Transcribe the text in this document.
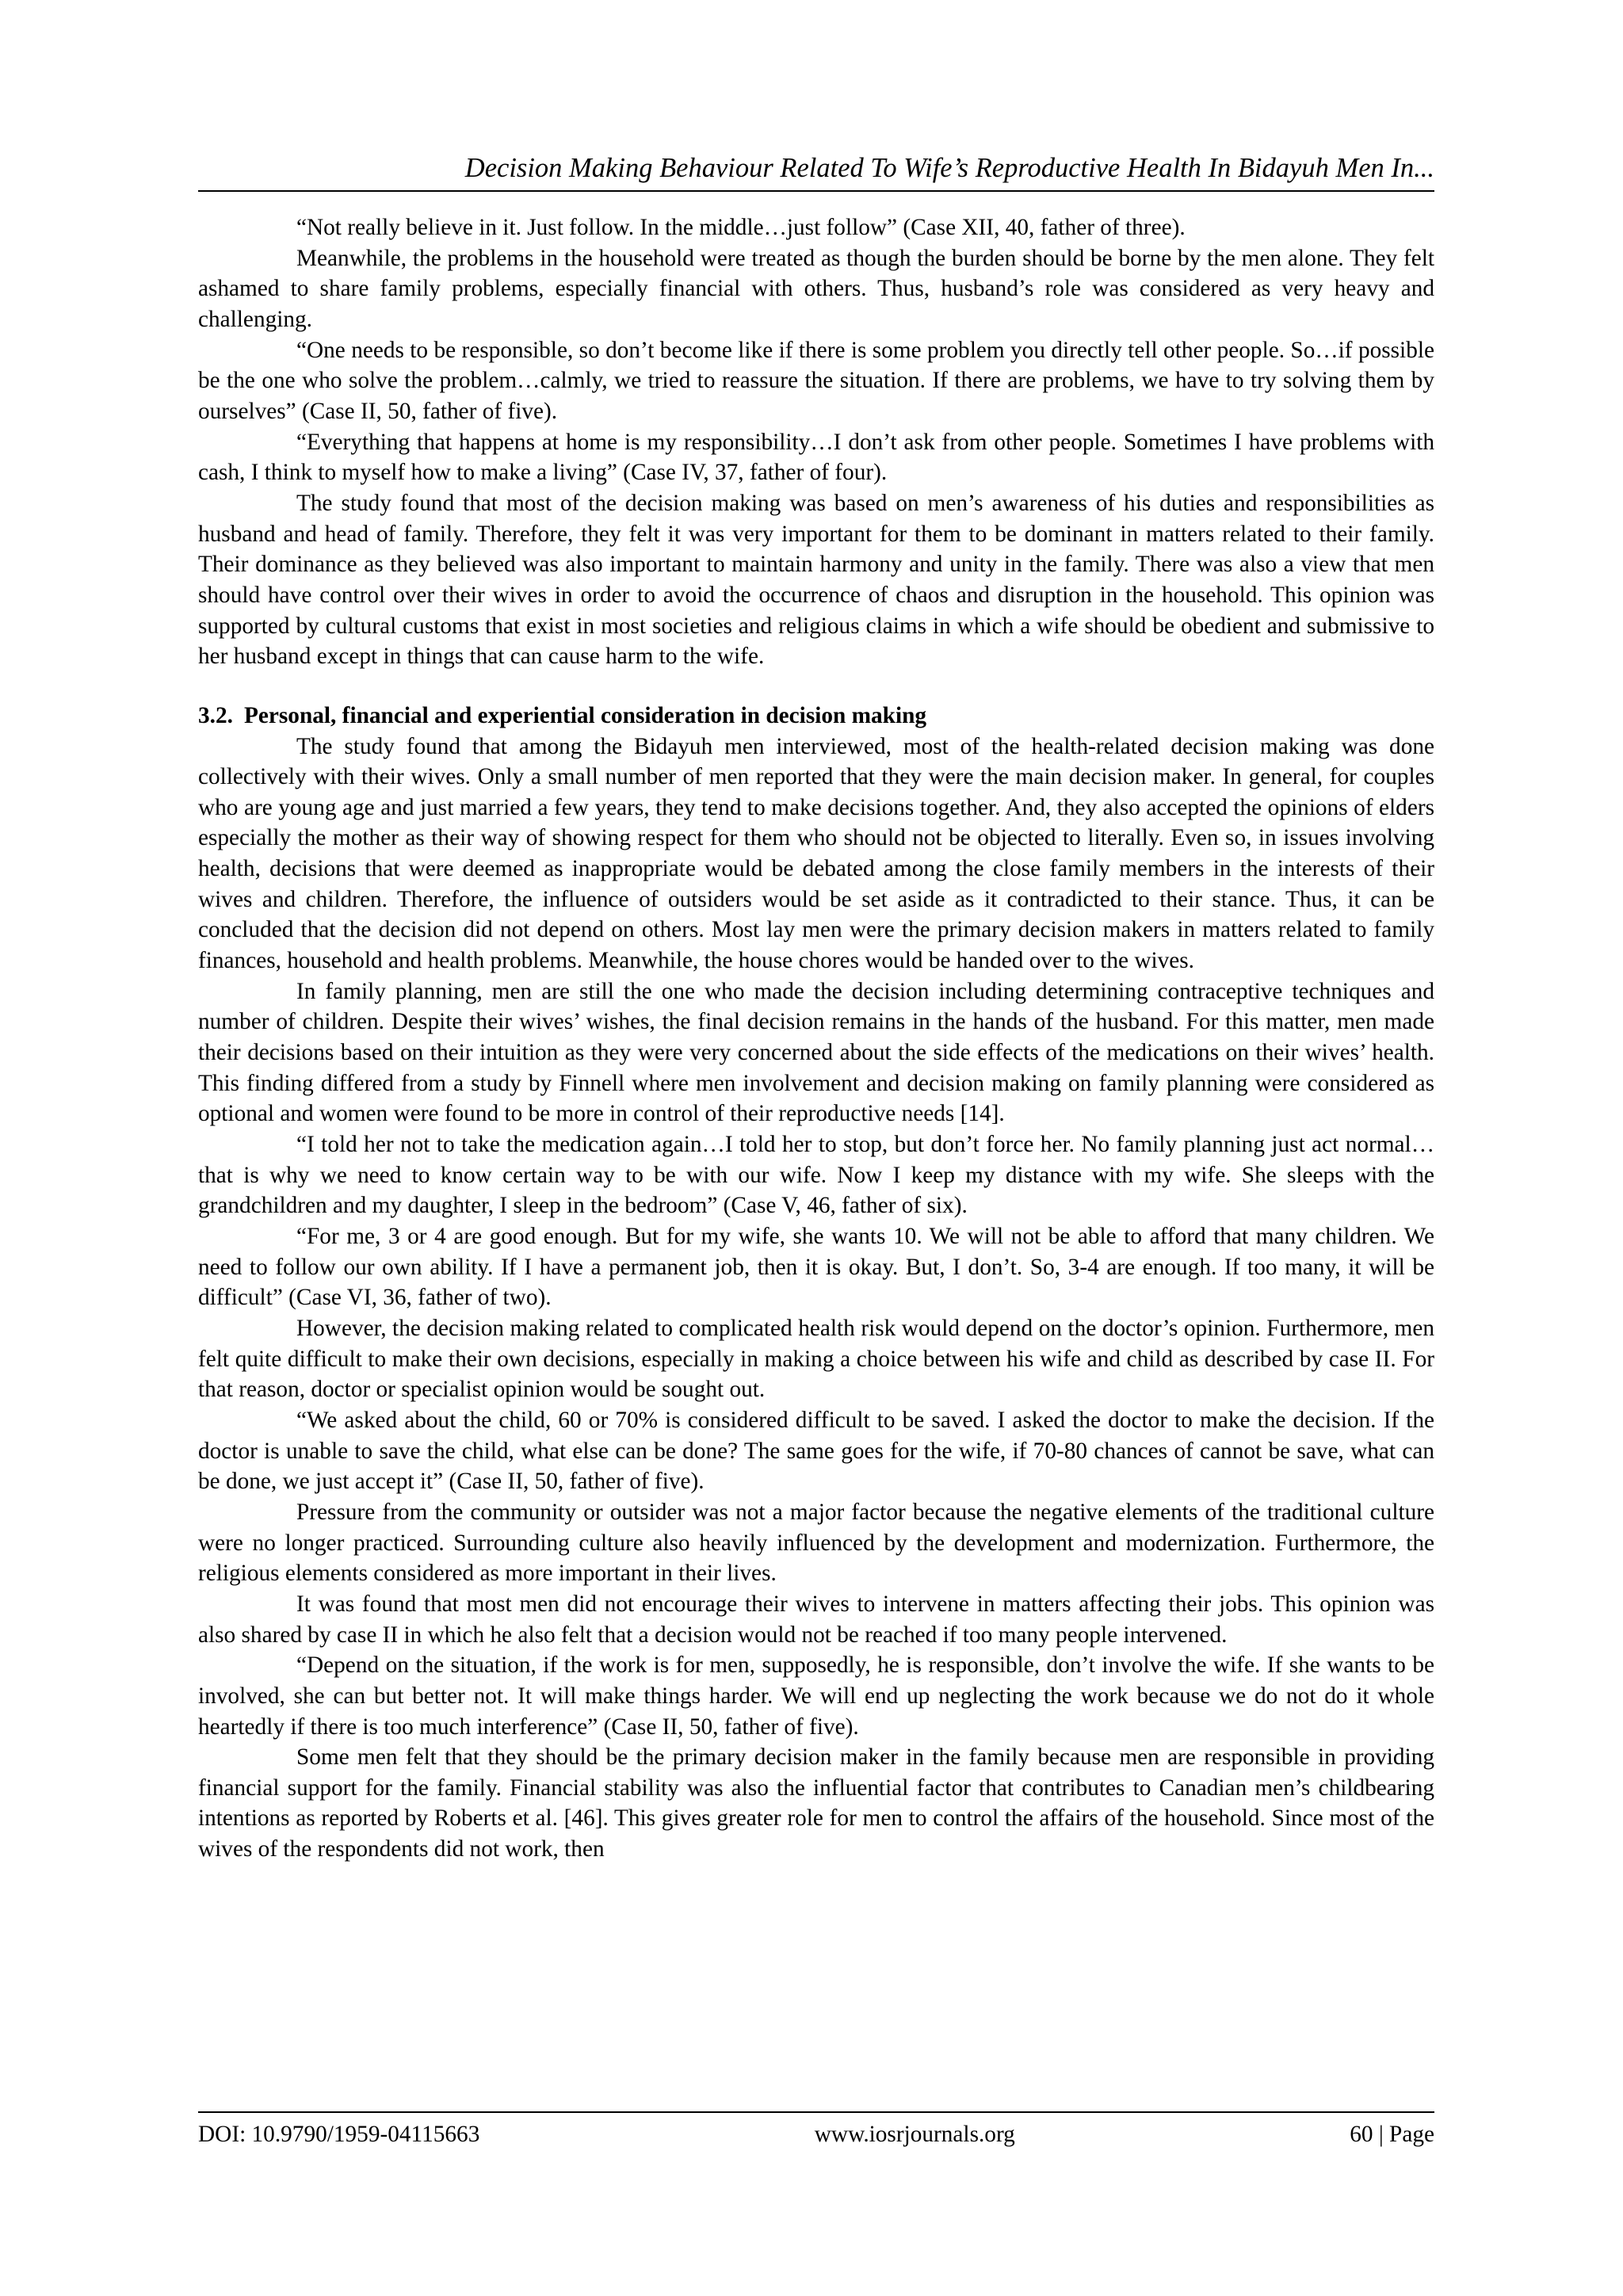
Decision Making Behaviour Related To Wife’s Reproductive Health In Bidayuh Men In...

“Not really believe in it. Just follow. In the middle…just follow” (Case XII, 40, father of three).

Meanwhile, the problems in the household were treated as though the burden should be borne by the men alone. They felt ashamed to share family problems, especially financial with others. Thus, husband’s role was considered as very heavy and challenging.

“One needs to be responsible, so don’t become like if there is some problem you directly tell other people. So…if possible be the one who solve the problem…calmly, we tried to reassure the situation. If there are problems, we have to try solving them by ourselves” (Case II, 50, father of five).

“Everything that happens at home is my responsibility…I don’t ask from other people. Sometimes I have problems with cash, I think to myself how to make a living” (Case IV, 37, father of four).

The study found that most of the decision making was based on men’s awareness of his duties and responsibilities as husband and head of family. Therefore, they felt it was very important for them to be dominant in matters related to their family. Their dominance as they believed was also important to maintain harmony and unity in the family. There was also a view that men should have control over their wives in order to avoid the occurrence of chaos and disruption in the household. This opinion was supported by cultural customs that exist in most societies and religious claims in which a wife should be obedient and submissive to her husband except in things that can cause harm to the wife.

3.2. Personal, financial and experiential consideration in decision making

The study found that among the Bidayuh men interviewed, most of the health-related decision making was done collectively with their wives. Only a small number of men reported that they were the main decision maker. In general, for couples who are young age and just married a few years, they tend to make decisions together. And, they also accepted the opinions of elders especially the mother as their way of showing respect for them who should not be objected to literally. Even so, in issues involving health, decisions that were deemed as inappropriate would be debated among the close family members in the interests of their wives and children. Therefore, the influence of outsiders would be set aside as it contradicted to their stance. Thus, it can be concluded that the decision did not depend on others. Most lay men were the primary decision makers in matters related to family finances, household and health problems. Meanwhile, the house chores would be handed over to the wives.

In family planning, men are still the one who made the decision including determining contraceptive techniques and number of children. Despite their wives’ wishes, the final decision remains in the hands of the husband. For this matter, men made their decisions based on their intuition as they were very concerned about the side effects of the medications on their wives’ health. This finding differed from a study by Finnell where men involvement and decision making on family planning were considered as optional and women were found to be more in control of their reproductive needs [14].

“I told her not to take the medication again…I told her to stop, but don’t force her. No family planning just act normal…that is why we need to know certain way to be with our wife. Now I keep my distance with my wife. She sleeps with the grandchildren and my daughter, I sleep in the bedroom” (Case V, 46, father of six).

“For me, 3 or 4 are good enough. But for my wife, she wants 10. We will not be able to afford that many children. We need to follow our own ability. If I have a permanent job, then it is okay. But, I don’t. So, 3-4 are enough. If too many, it will be difficult” (Case VI, 36, father of two).

However, the decision making related to complicated health risk would depend on the doctor’s opinion. Furthermore, men felt quite difficult to make their own decisions, especially in making a choice between his wife and child as described by case II. For that reason, doctor or specialist opinion would be sought out.

“We asked about the child, 60 or 70% is considered difficult to be saved. I asked the doctor to make the decision. If the doctor is unable to save the child, what else can be done? The same goes for the wife, if 70-80 chances of cannot be save, what can be done, we just accept it” (Case II, 50, father of five).

Pressure from the community or outsider was not a major factor because the negative elements of the traditional culture were no longer practiced. Surrounding culture also heavily influenced by the development and modernization. Furthermore, the religious elements considered as more important in their lives.

It was found that most men did not encourage their wives to intervene in matters affecting their jobs. This opinion was also shared by case II in which he also felt that a decision would not be reached if too many people intervened.

“Depend on the situation, if the work is for men, supposedly, he is responsible, don’t involve the wife. If she wants to be involved, she can but better not. It will make things harder. We will end up neglecting the work because we do not do it whole heartedly if there is too much interference” (Case II, 50, father of five).

Some men felt that they should be the primary decision maker in the family because men are responsible in providing financial support for the family. Financial stability was also the influential factor that contributes to Canadian men’s childbearing intentions as reported by Roberts et al. [46]. This gives greater role for men to control the affairs of the household. Since most of the wives of the respondents did not work, then

DOI: 10.9790/1959-04115663	www.iosrjournals.org	60 | Page
